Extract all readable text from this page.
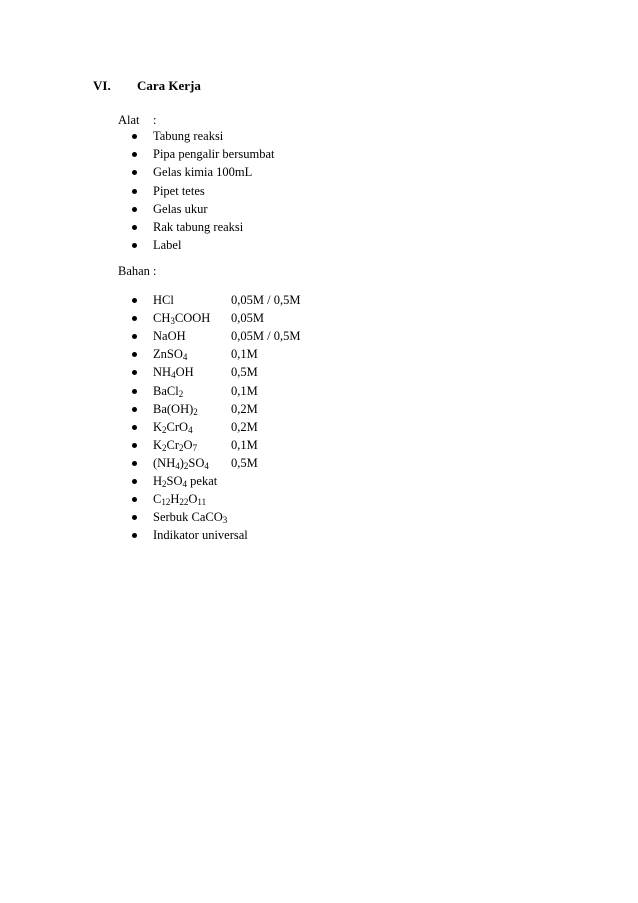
VI. Cara Kerja
Alat :
Tabung reaksi
Pipa pengalir bersumbat
Gelas kimia 100mL
Pipet tetes
Gelas ukur
Rak tabung reaksi
Label
Bahan :
HCl	0,05M / 0,5M
$CH_3COOH$ 0,05M
NaOH	0,05M / 0,5M
ZnSO$_4$	0,1M
$NH_4OH$	0,5M
BaCl$_2$	0,1M
$Ba(OH)_2$	0,2M
$K_2CrO_4$	0,2M
$K_2Cr_2O_7$	0,1M
$(NH_4)_2SO_4$ 0,5M
$H_2SO_4$ pekat
$C_{12}H_{22}O_{11}$
Serbuk CaCO$_3$
Indikator universal
